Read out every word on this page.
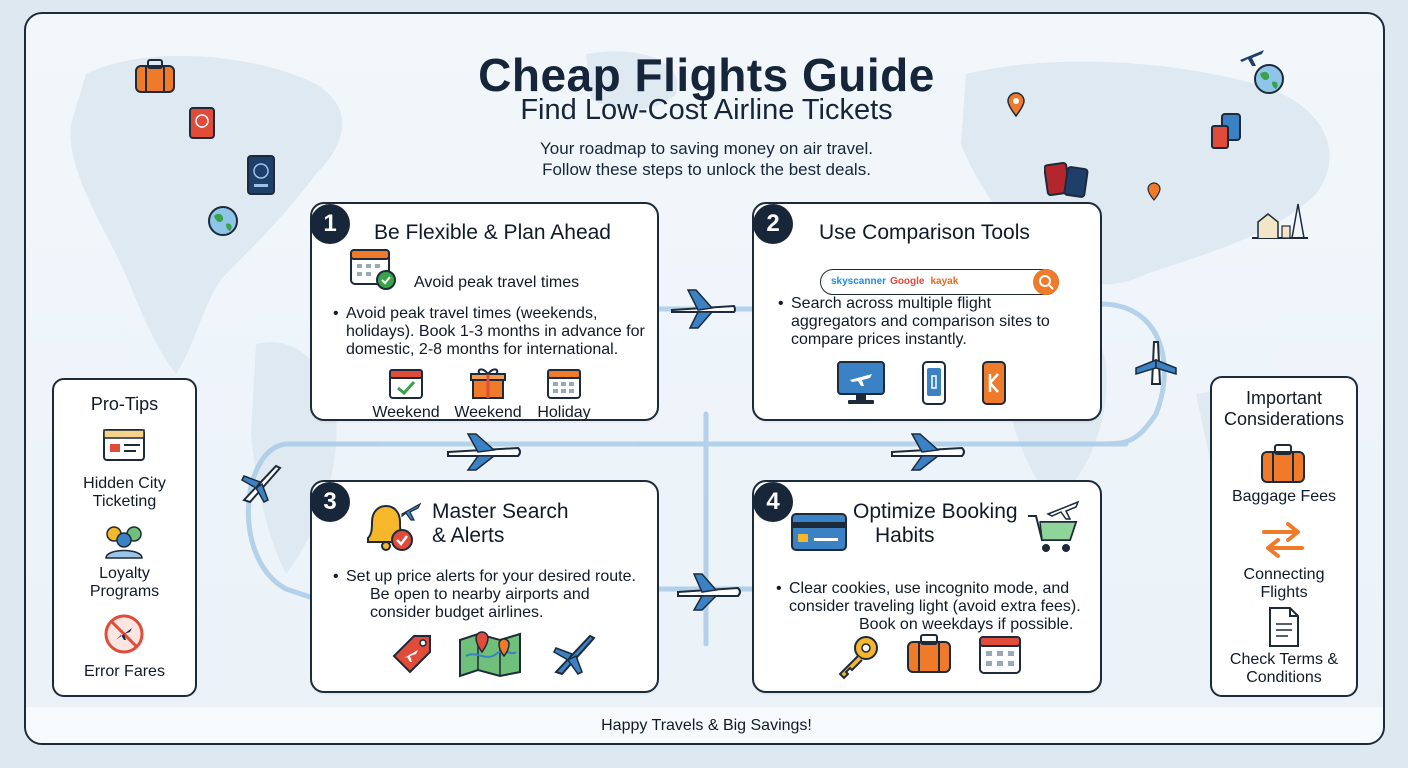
Cheap Flights Guide
Find Low-Cost Airline Tickets
Your roadmap to saving money on air travel.
Follow these steps to unlock the best deals.
1	Be Flexible & Plan Ahead
Avoid peak travel times
• Avoid peak travel times (weekends,
holidays). Book 1-3 months in advance for
domestic, 2-8 months for international.
Weekend Weekend Holiday
2	Use Comparison Tools
skyscanner Google kayak
• Search across multiple flight
aggregators and comparison sites to
compare prices instantly.
3	Master Search
& Alerts
• Set up price alerts for your desired route.
Be open to nearby airports and
consider budget airlines.
4	Optimize Booking
Habits
• Clear cookies, use incognito mode, and
consider traveling light (avoid extra fees).
Book on weekdays if possible.
Pro-Tips
Hidden City
Ticketing
Loyalty
Programs
Error Fares
Important
Considerations
Baggage Fees
Connecting
Flights
Check Terms &
Conditions
Happy Travels & Big Savings!
